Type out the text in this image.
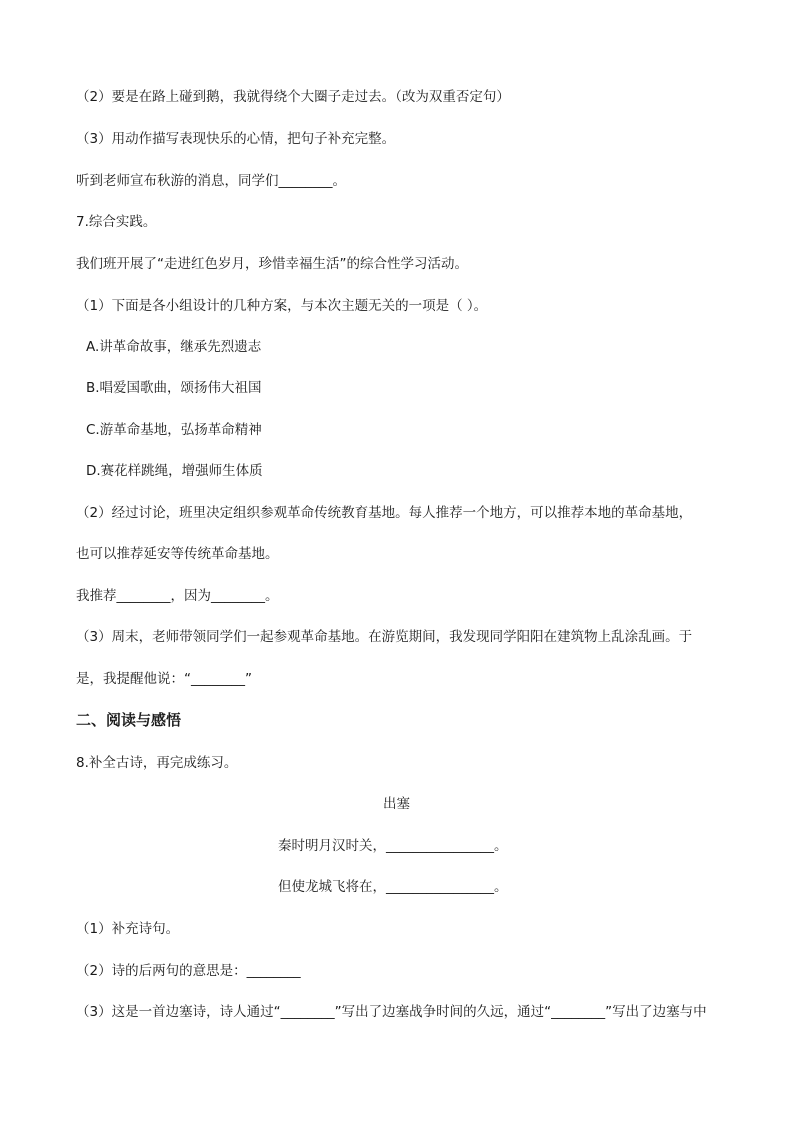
（2）要是在路上碰到鹅，我就得绕个大圈子走过去。（改为双重否定句）
（3）用动作描写表现快乐的心情，把句子补充完整。
听到老师宣布秋游的消息，同学们________。
7.综合实践。
我们班开展了“走进红色岁月，珍惜幸福生活”的综合性学习活动。
（1）下面是各小组设计的几种方案，与本次主题无关的一项是（ ）。
A.讲革命故事，继承先烈遗志
B.唱爱国歌曲，颂扬伟大祖国
C.游革命基地，弘扬革命精神
D.赛花样跳绳，增强师生体质
（2）经过讨论，班里决定组织参观革命传统教育基地。每人推荐一个地方，可以推荐本地的革命基地，
也可以推荐延安等传统革命基地。
我推荐________，因为________。
（3）周末，老师带领同学们一起参观革命基地。在游览期间，我发现同学阳阳在建筑物上乱涂乱画。于
是，我提醒他说：“________”
二、阅读与感悟
8.补全古诗，再完成练习。
出塞
秦时明月汉时关，________________。
但使龙城飞将在，________________。
（1）补充诗句。
（2）诗的后两句的意思是：________
（3）这是一首边塞诗，诗人通过“________”写出了边塞战争时间的久远，通过“________”写出了边塞与中
